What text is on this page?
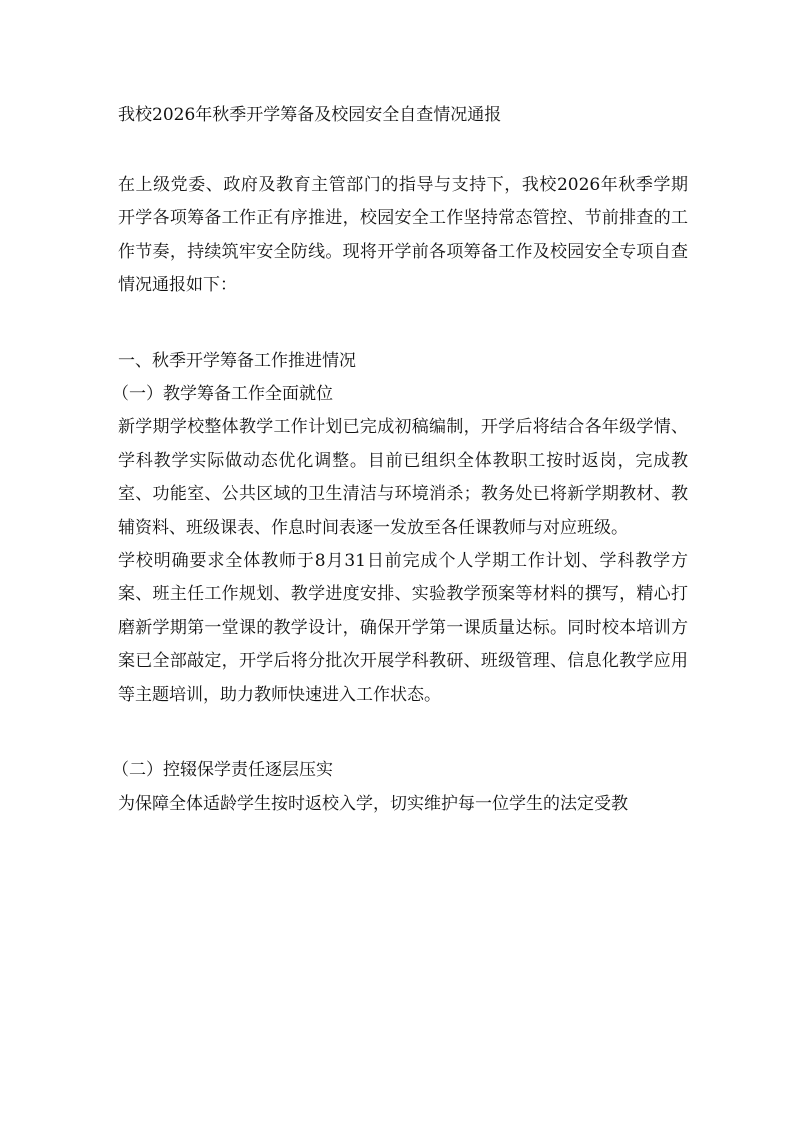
我校2026年秋季开学筹备及校园安全自查情况通报

在上级党委、政府及教育主管部门的指导与支持下，我校2026年秋季学期开学各项筹备工作正有序推进，校园安全工作坚持常态管控、节前排查的工作节奏，持续筑牢安全防线。现将开学前各项筹备工作及校园安全专项自查情况通报如下：

一、秋季开学筹备工作推进情况

（一）教学筹备工作全面就位

新学期学校整体教学工作计划已完成初稿编制，开学后将结合各年级学情、学科教学实际做动态优化调整。目前已组织全体教职工按时返岗，完成教室、功能室、公共区域的卫生清洁与环境消杀；教务处已将新学期教材、教辅资料、班级课表、作息时间表逐一发放至各任课教师与对应班级。

学校明确要求全体教师于8月31日前完成个人学期工作计划、学科教学方案、班主任工作规划、教学进度安排、实验教学预案等材料的撰写，精心打磨新学期第一堂课的教学设计，确保开学第一课质量达标。同时校本培训方案已全部敲定，开学后将分批次开展学科教研、班级管理、信息化教学应用等主题培训，助力教师快速进入工作状态。

（二）控辍保学责任逐层压实

为保障全体适龄学生按时返校入学，切实维护每一位学生的法定受教
